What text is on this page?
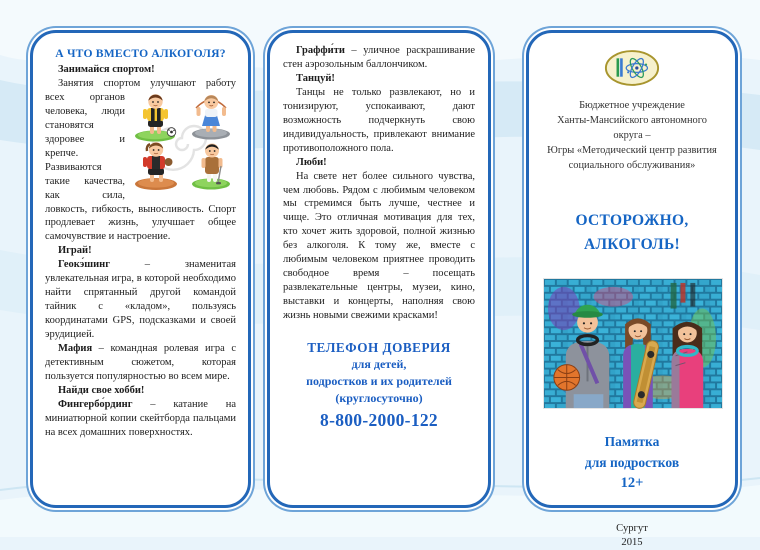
А ЧТО ВМЕСТО АЛКОГОЛЯ?

Занимайся спортом!

Занятия спортом улучшают работу

всех органов человека, люди становятся здоровее и крепче. Развиваются такие качества, как сила, ловкость, гибкость, выносливость. Спорт продлевает жизнь, улучшает общее самочувствие и настроение.

Играй!

Геокэ́шинг – знаменитая увлекательная игра, в которой необходимо найти спрятанный другой командой тайник с «кладом», пользуясь координатами GPS, подсказками и своей эрудицией.

Мафия – командная ролевая игра с детективным сюжетом, которая пользуется популярностью во всем мире.

Найди свое хобби!

Фингербо́рдинг – катание на миниатюрной копии скейтборда пальцами на всех домашних поверхностях.

Граффи́ти – уличное раскрашивание стен аэрозольным баллончиком.

Танцуй!

Танцы не только развлекают, но и тонизируют, успокаивают, дают возможность подчеркнуть свою индивидуальность, привлекают внимание противоположного пола.

Люби!

На свете нет более сильного чувства, чем любовь. Рядом с любимым человеком мы стремимся быть лучше, честнее и чище. Это отличная мотивация для тех, кто хочет жить здоровой, полной жизнью без алкоголя. К тому же, вместе с любимым человеком приятнее проводить свободное время – посещать развлекательные центры, музеи, кино, выставки и концерты, наполняя свою жизнь новыми свежими красками!

ТЕЛЕФОН ДОВЕРИЯ
для детей,
подростков и их родителей
(круглосуточно)
8-800-2000-122
Бюджетное учреждение
Ханты-Мансийского автономного округа –
Югры «Методический центр развития
социального обслуживания»
ОСТОРОЖНО,
АЛКОГОЛЬ!
Памятка
для подростков
12+
Сургут
2015
